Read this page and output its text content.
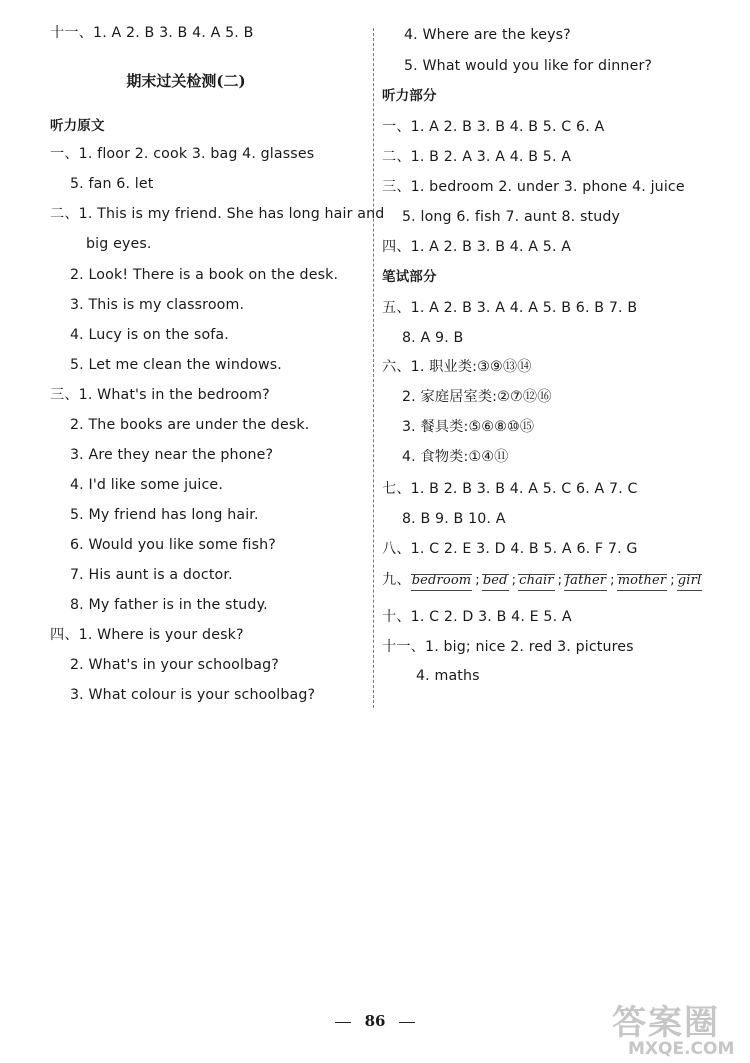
十一、1. A 2. B 3. B 4. A 5. B
期末过关检测(二)
听力原文
一、1. floor 2. cook 3. bag 4. glasses
5. fan 6. let
二、1. This is my friend. She has long hair and
big eyes.
2. Look! There is a book on the desk.
3. This is my classroom.
4. Lucy is on the sofa.
5. Let me clean the windows.
三、1. What's in the bedroom?
2. The books are under the desk.
3. Are they near the phone?
4. I'd like some juice.
5. My friend has long hair.
6. Would you like some fish?
7. His aunt is a doctor.
8. My father is in the study.
四、1. Where is your desk?
2. What's in your schoolbag?
3. What colour is your schoolbag?
4. Where are the keys?
5. What would you like for dinner?
听力部分
一、1. A 2. B 3. B 4. B 5. C 6. A
二、1. B 2. A 3. A 4. B 5. A
三、1. bedroom 2. under 3. phone 4. juice
5. long 6. fish 7. aunt 8. study
四、1. A 2. B 3. B 4. A 5. A
笔试部分
五、1. A 2. B 3. A 4. A 5. B 6. B 7. B
8. A 9. B
六、1. 职业类:③⑨⑬⑭
2. 家庭居室类:②⑦⑫⑯
3. 餐具类:⑤⑥⑧⑩⑮
4. 食物类:①④⑪
七、1. B 2. B 3. B 4. A 5. C 6. A 7. C
8. B 9. B 10. A
八、1. C 2. E 3. D 4. B 5. A 6. F 7. G
九、bedroom ; bed ; chair ; father ; mother ; girl
十、1. C 2. D 3. B 4. E 5. A
十一、1. big; nice 2. red 3. pictures
4. maths
86	答案圈
MXQE.COM
